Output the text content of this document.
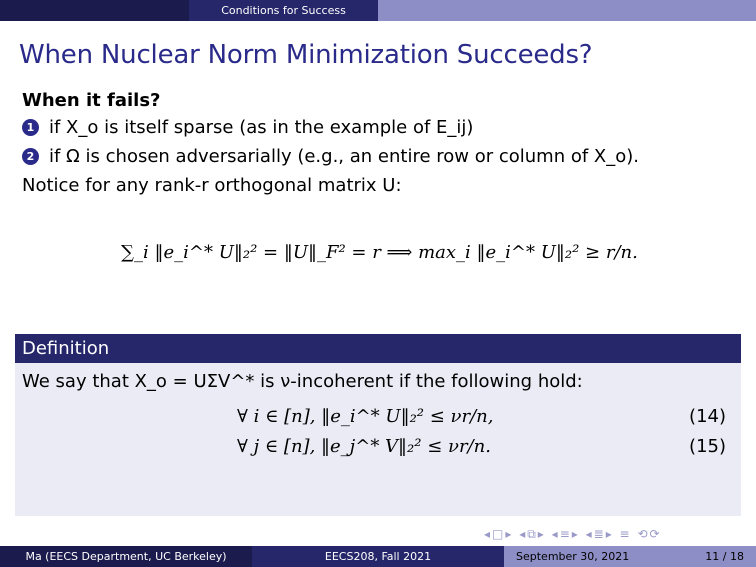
Conditions for Success
When Nuclear Norm Minimization Succeeds?
When it fails?
1 if X_o is itself sparse (as in the example of E_ij)
2 if Ω is chosen adversarially (e.g., an entire row or column of X_o).
Notice for any rank-r orthogonal matrix U:
∑_i ‖e_i^* U‖₂² = ‖U‖_F² = r ⟹ max_i ‖e_i^* U‖₂² ≥ r/n.
Definition
We say that X_o = UΣV^* is ν-incoherent if the following hold:
∀ i ∈ [n], ‖e_i^* U‖₂² ≤ νr/n,	(14)
∀ j ∈ [n], ‖e_j^* V‖₂² ≤ νr/n.	(15)
◂□▸ ◂⧉▸ ◂≡▸ ◂≣▸ ≡ ⟲⟳
Ma (EECS Department, UC Berkeley)	EECS208, Fall 2021	September 30, 2021	11 / 18
